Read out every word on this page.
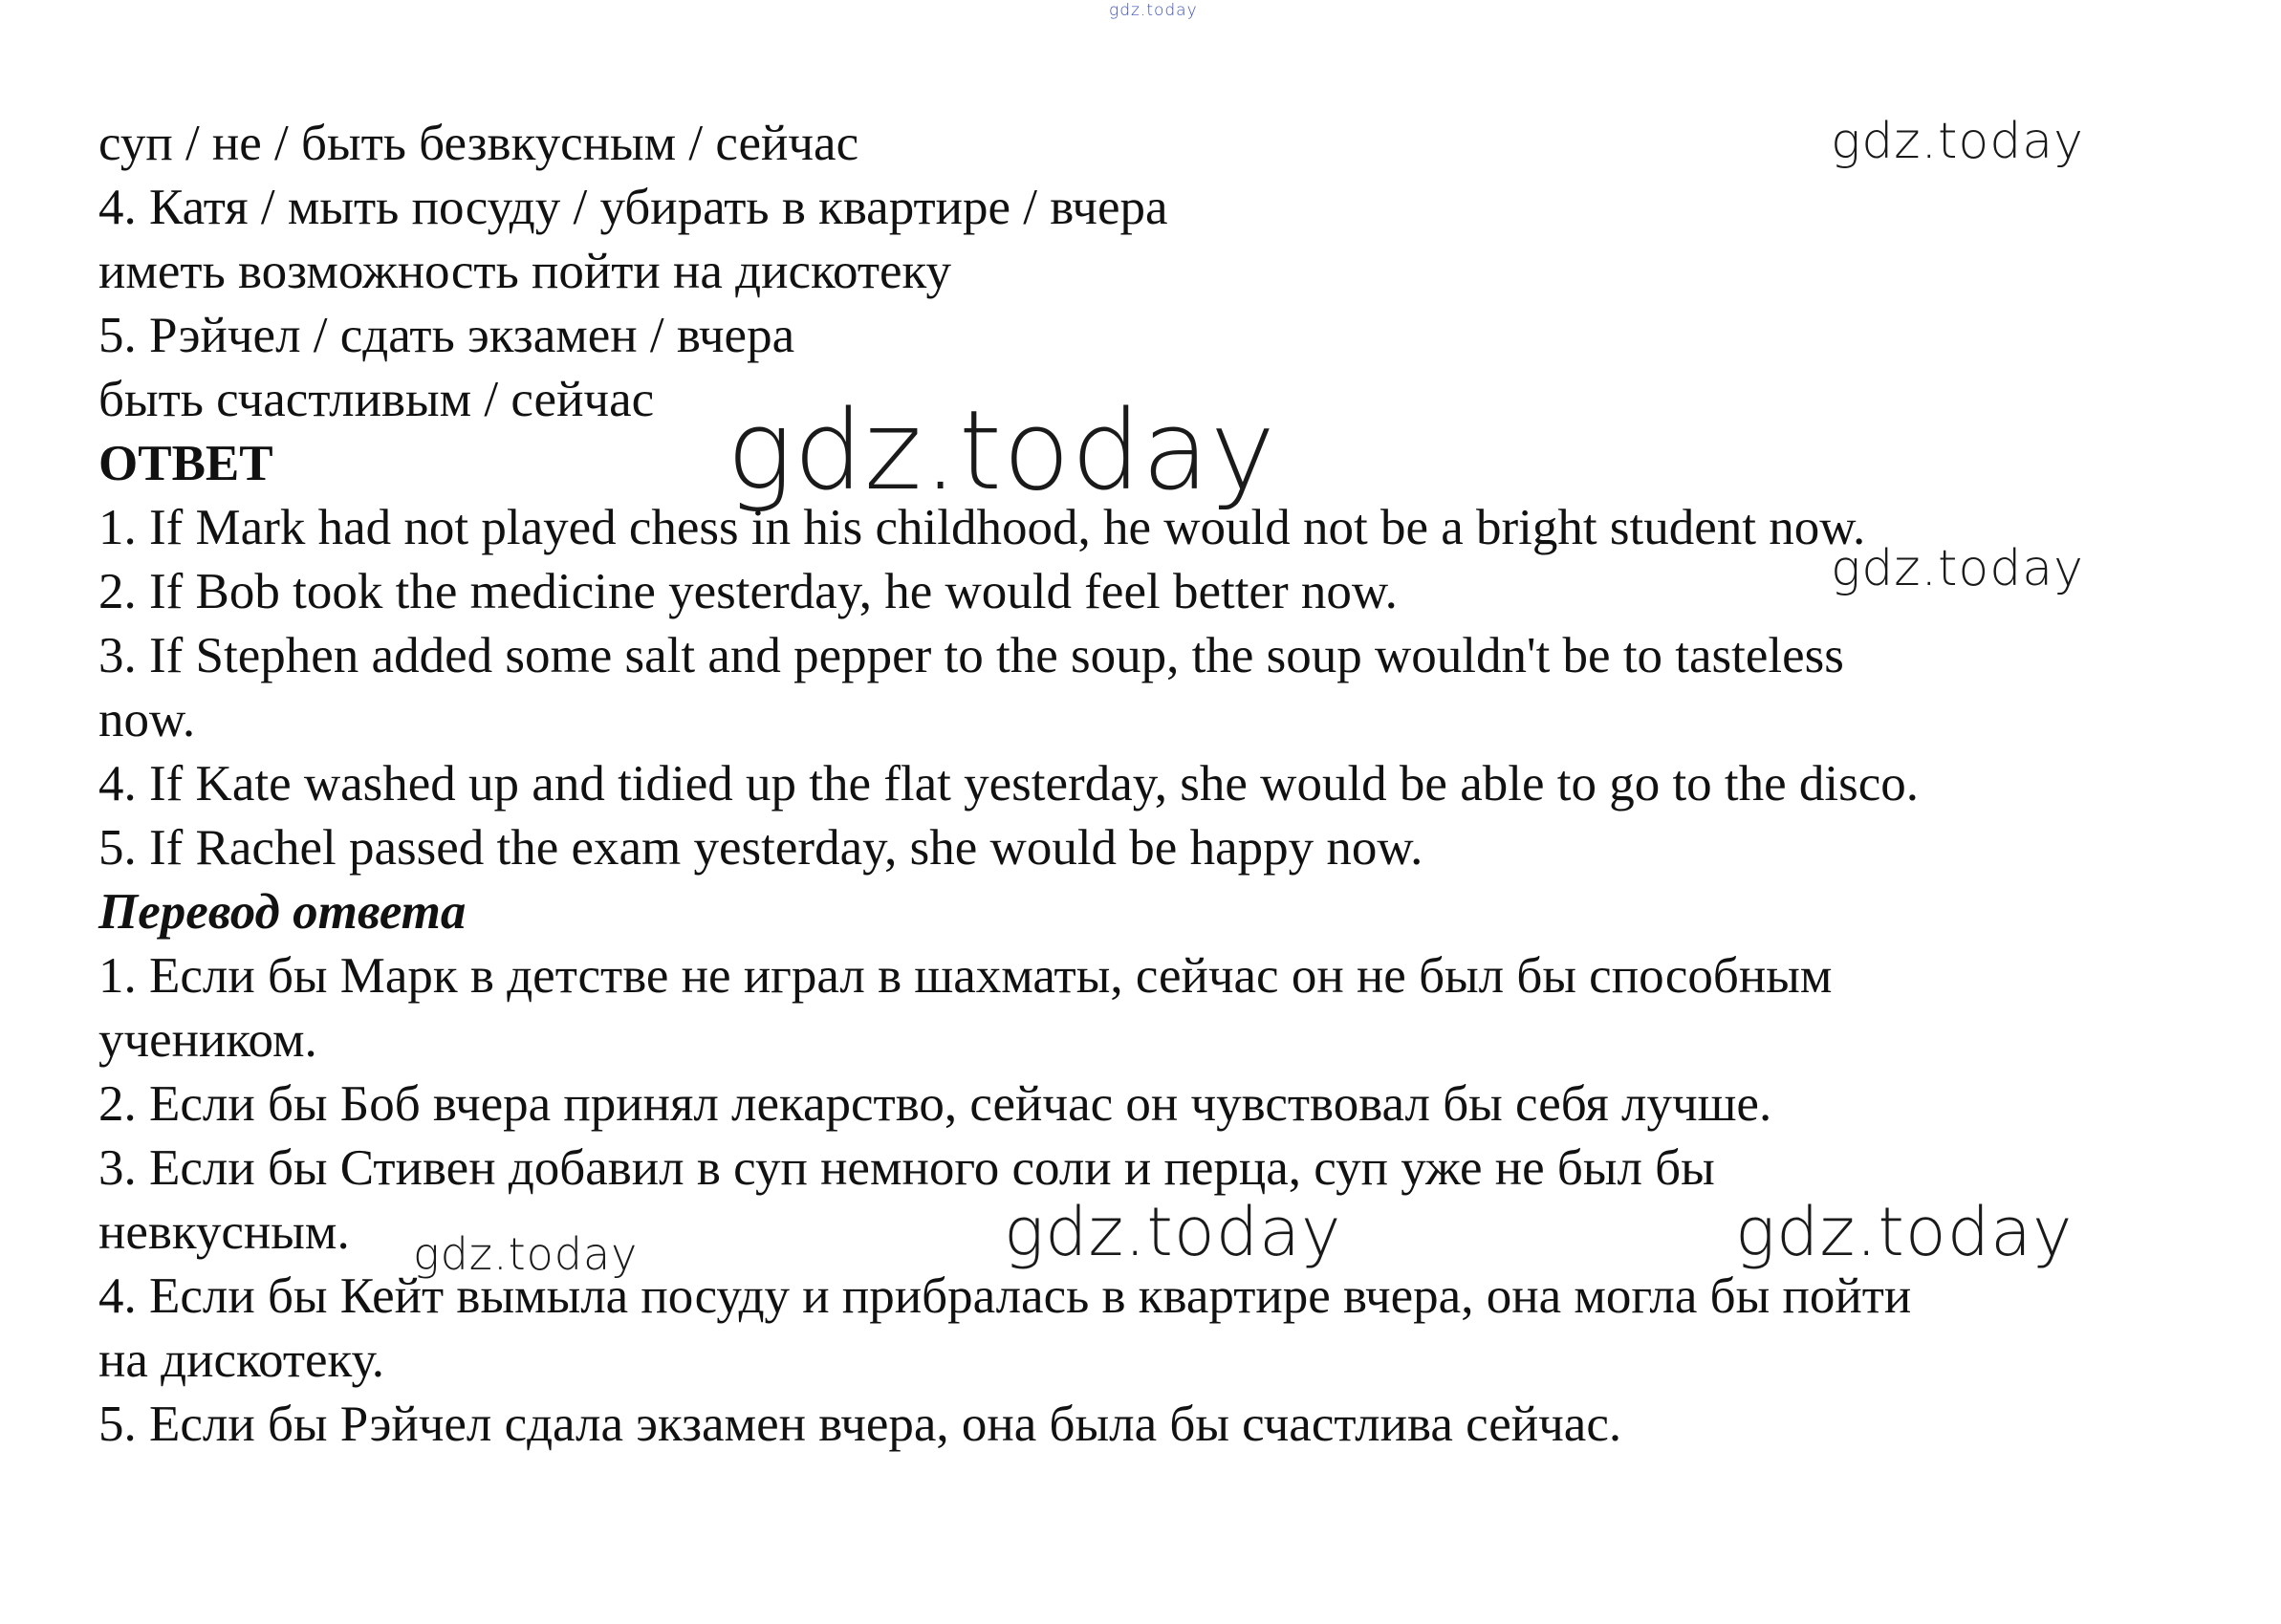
gdz.today
gdz.today
gdz.today
gdz.today
gdz.today	gdz.today	gdz.today

суп / не / быть безвкусным / сейчас

4. Катя / мыть посуду / убирать в квартире / вчера

иметь возможность пойти на дискотеку

5. Рэйчел / сдать экзамен / вчера

быть счастливым / сейчас

ОТВЕТ

1. If Mark had not played chess in his childhood, he would not be a bright student now.

2. If Bob took the medicine yesterday, he would feel better now.

3. If Stephen added some salt and pepper to the soup, the soup wouldn't be to tasteless

now.

4. If Kate washed up and tidied up the flat yesterday, she would be able to go to the disco.

5. If Rachel passed the exam yesterday, she would be happy now.

Перевод ответа

1. Если бы Марк в детстве не играл в шахматы, сейчас он не был бы способным

учеником.

2. Если бы Боб вчера принял лекарство, сейчас он чувствовал бы себя лучше.

3. Если бы Стивен добавил в суп немного соли и перца, суп уже не был бы

невкусным.

4. Если бы Кейт вымыла посуду и прибралась в квартире вчера, она могла бы пойти

на дискотеку.

5. Если бы Рэйчел сдала экзамен вчера, она была бы счастлива сейчас.
